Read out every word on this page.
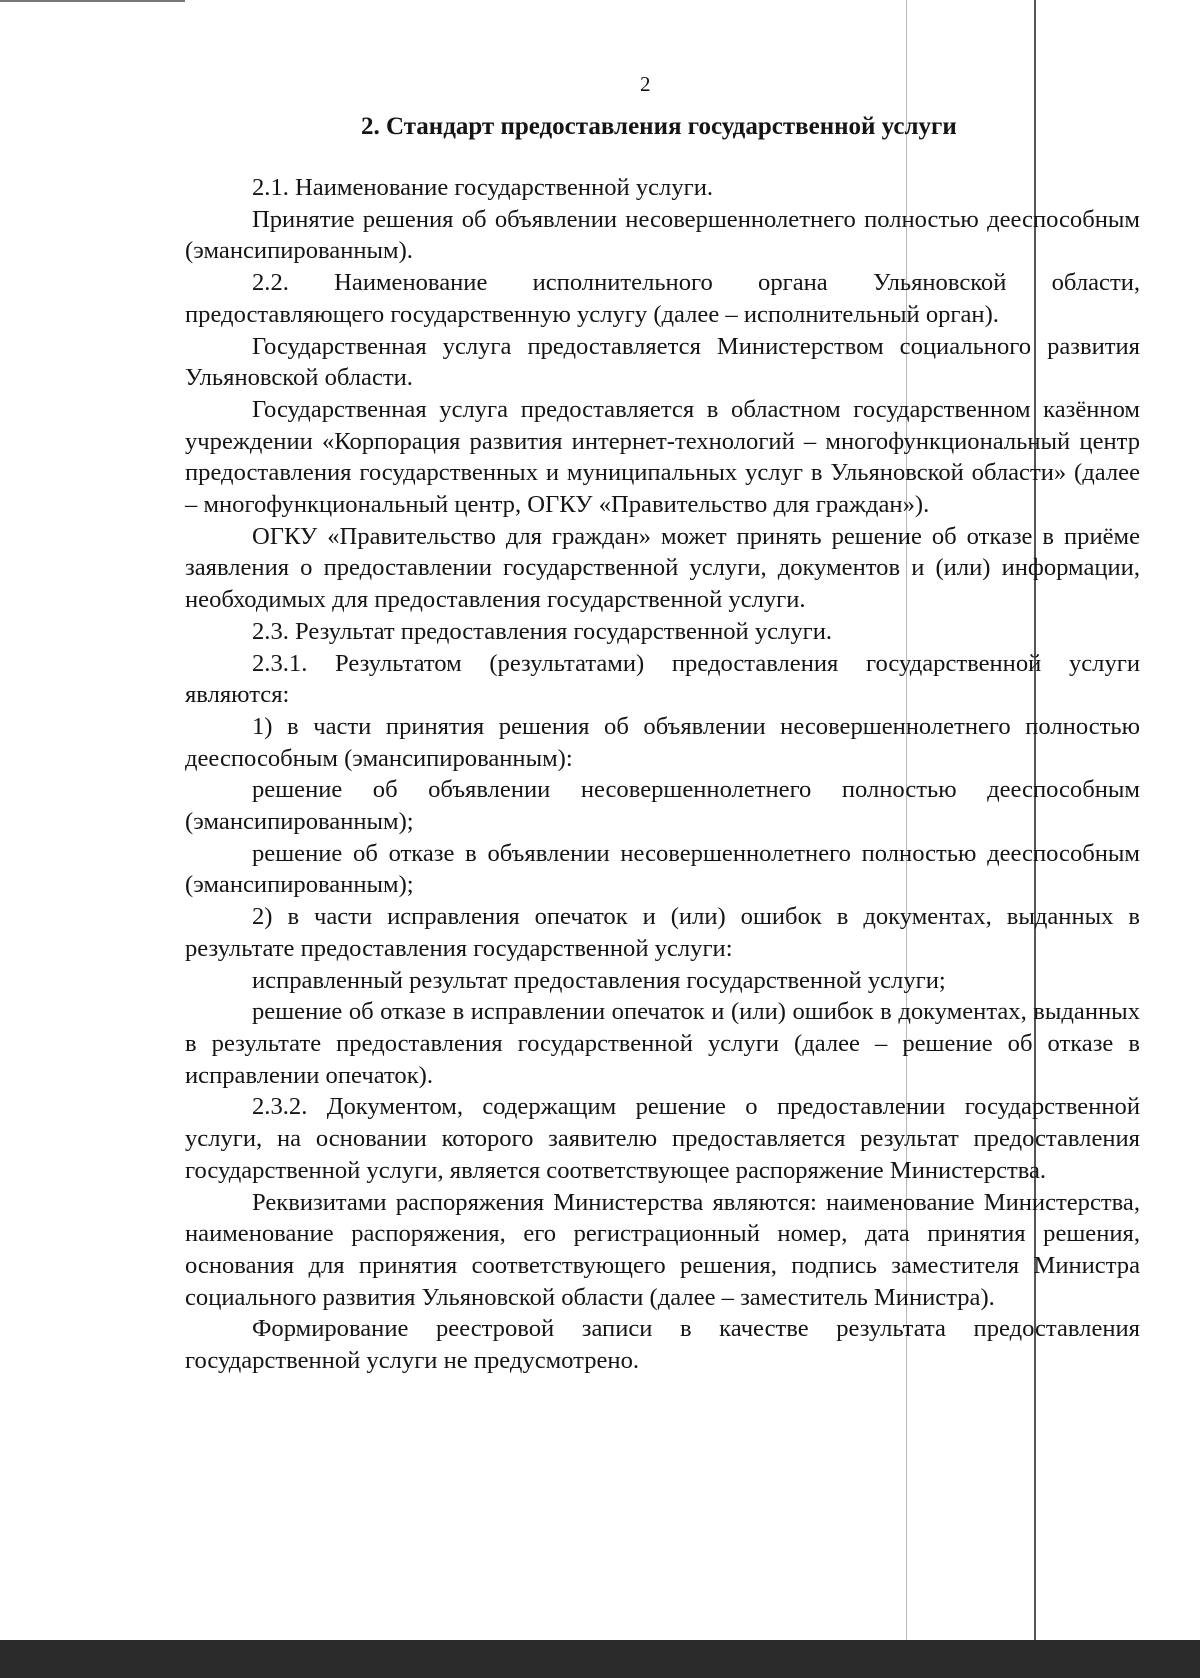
2
2. Стандарт предоставления государственной услуги

2.1. Наименование государственной услуги.

Принятие решения об объявлении несовершеннолетнего полностью дееспособным (эмансипированным).

2.2. Наименование исполнительного органа Ульяновской области, предоставляющего государственную услугу (далее – исполнительный орган).

Государственная услуга предоставляется Министерством социального развития Ульяновской области.

Государственная услуга предоставляется в областном государственном казённом учреждении «Корпорация развития интернет-технологий – многофункциональный центр предоставления государственных и муниципальных услуг в Ульяновской области» (далее – многофункциональный центр, ОГКУ «Правительство для граждан»).

ОГКУ «Правительство для граждан» может принять решение об отказе в приёме заявления о предоставлении государственной услуги, документов и (или) информации, необходимых для предоставления государственной услуги.

2.3. Результат предоставления государственной услуги.

2.3.1. Результатом (результатами) предоставления государственной услуги являются:

1) в части принятия решения об объявлении несовершеннолетнего полностью дееспособным (эмансипированным):

решение об объявлении несовершеннолетнего полностью дееспособным (эмансипированным);

решение об отказе в объявлении несовершеннолетнего полностью дееспособным (эмансипированным);

2) в части исправления опечаток и (или) ошибок в документах, выданных в результате предоставления государственной услуги:

исправленный результат предоставления государственной услуги;

решение об отказе в исправлении опечаток и (или) ошибок в документах, выданных в результате предоставления государственной услуги (далее – решение об отказе в исправлении опечаток).

2.3.2. Документом, содержащим решение о предоставлении государственной услуги, на основании которого заявителю предоставляется результат предоставления государственной услуги, является соответствующее распоряжение Министерства.

Реквизитами распоряжения Министерства являются: наименование Министерства, наименование распоряжения, его регистрационный номер, дата принятия решения, основания для принятия соответствующего решения, подпись заместителя Министра социального развития Ульяновской области (далее – заместитель Министра).

Формирование реестровой записи в качестве результата предоставления государственной услуги не предусмотрено.
